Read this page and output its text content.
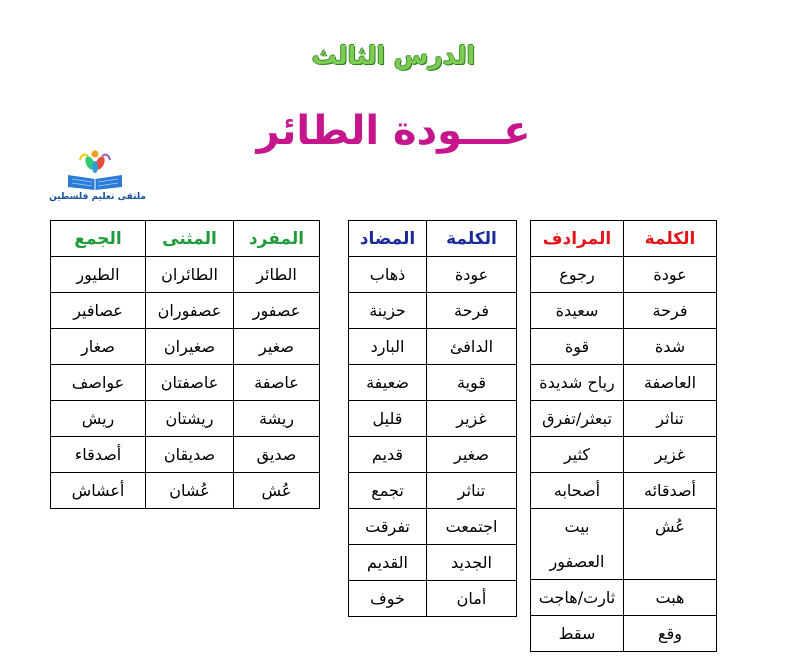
الدرس الثالث
عـــودة الطائر
ملتقى تعليم فلسطين
الكلمة	المرادف
عودة	رجوع
فرحة	سعيدة
شدة	قوة
العاصفة	رياح شديدة
تناثر	تبعثر/تفرق
غزير	كثير
أصدقائه	أصحابه
عُش	بيت العصفور
هبت	ثارت/هاجت
وقع	سقط
الكلمة	المضاد
عودة	ذهاب
فرحة	حزينة
الدافئ	البارد
قوية	ضعيفة
غزير	قليل
صغير	قديم
تناثر	تجمع
اجتمعت	تفرقت
الجديد	القديم
أمان	خوف
المفرد	المثنى	الجمع
الطائر	الطائران	الطيور
عصفور	عصفوران	عصافير
صغير	صغيران	صغار
عاصفة	عاصفتان	عواصف
ريشة	ريشتان	ريش
صديق	صديقان	أصدقاء
عُش	عُشان	أعشاش
